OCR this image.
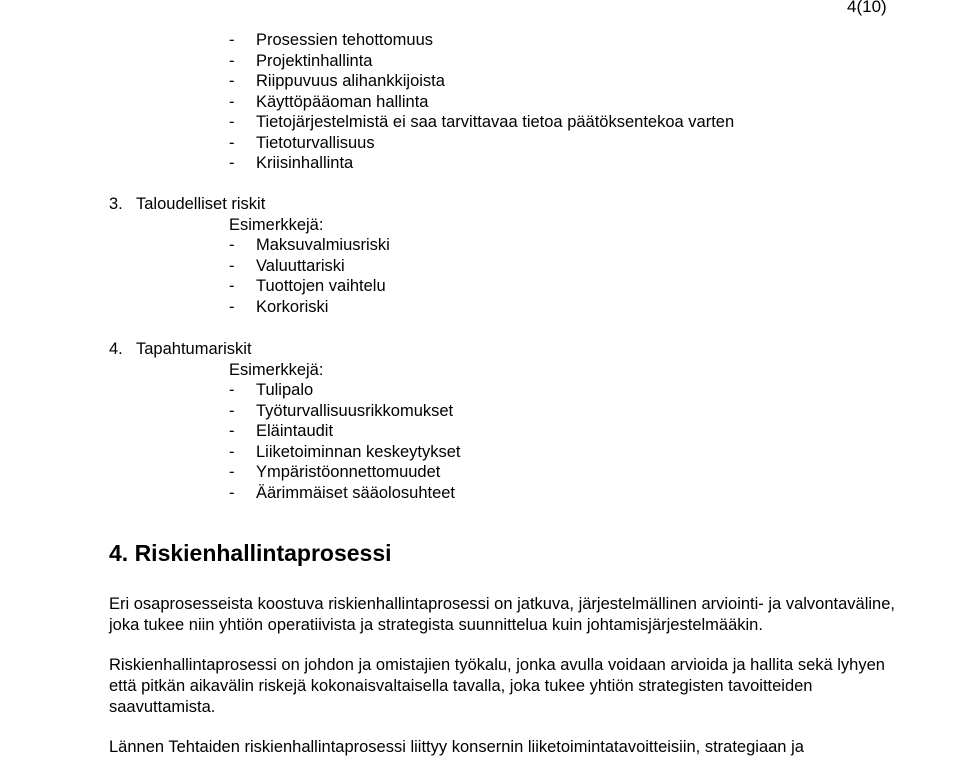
4(10)
-	Prosessien tehottomuus
-	Projektinhallinta
-	Riippuvuus alihankkijoista
-	Käyttöpääoman hallinta
-	Tietojärjestelmistä ei saa tarvittavaa tietoa päätöksentekoa varten
-	Tietoturvallisuus
-	Kriisinhallinta
3. Taloudelliset riskit
Esimerkkejä:
-	Maksuvalmiusriski
-	Valuuttariski
-	Tuottojen vaihtelu
-	Korkoriski
4. Tapahtumariskit
Esimerkkejä:
-	Tulipalo
-	Työturvallisuusrikkomukset
-	Eläintaudit
-	Liiketoiminnan keskeytykset
-	Ympäristöonnettomuudet
-	Äärimmäiset sääolosuhteet
4. Riskienhallintaprosessi

Eri osaprosesseista koostuva riskienhallintaprosessi on jatkuva, järjestelmällinen arviointi- ja valvontaväline,
joka tukee niin yhtiön operatiivista ja strategista suunnittelua kuin johtamisjärjestelmääkin.

Riskienhallintaprosessi on johdon ja omistajien työkalu, jonka avulla voidaan arvioida ja hallita sekä lyhyen
että pitkän aikavälin riskejä kokonaisvaltaisella tavalla, joka tukee yhtiön strategisten tavoitteiden
saavuttamista.

Lännen Tehtaiden riskienhallintaprosessi liittyy konsernin liiketoimintatavoitteisiin, strategiaan ja
